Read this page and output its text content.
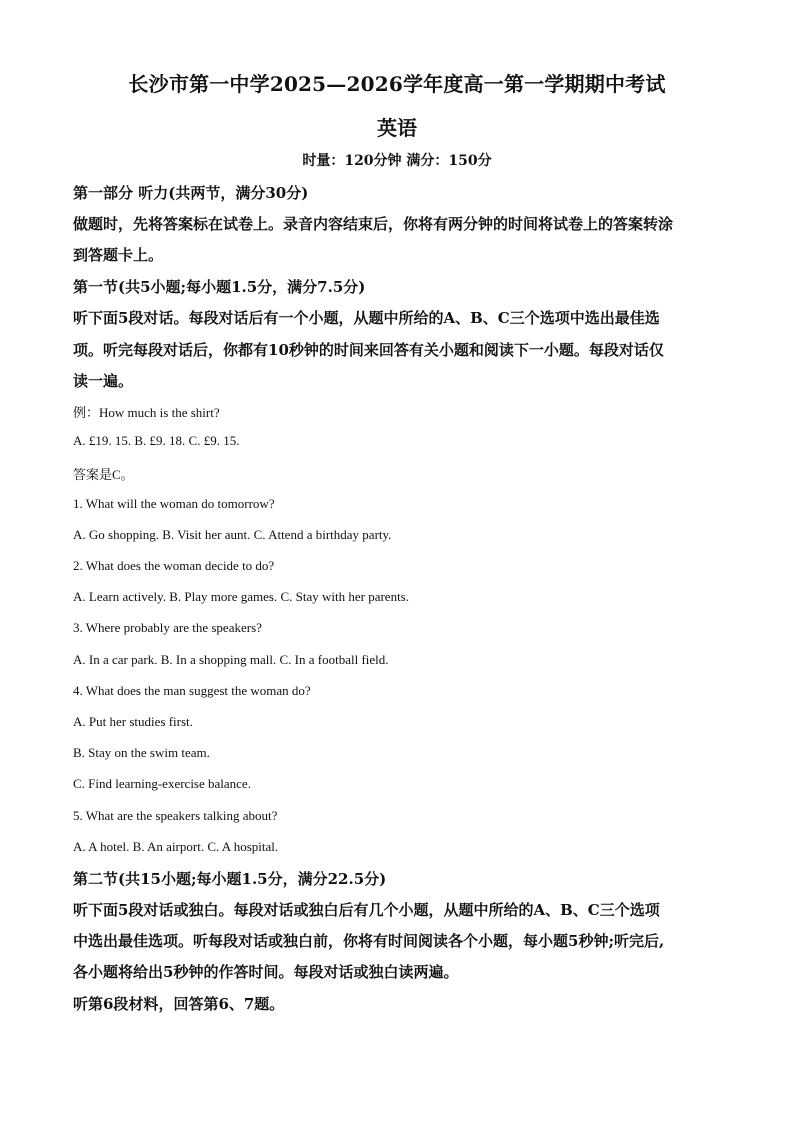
长沙市第一中学2025—2026学年度高一第一学期期中考试
英语
时量：120分钟 满分：150分
第一部分 听力(共两节，满分30分)
做题时，先将答案标在试卷上。录音内容结束后，你将有两分钟的时间将试卷上的答案转涂
到答题卡上。
第一节(共5小题;每小题1.5分，满分7.5分)
听下面5段对话。每段对话后有一个小题，从题中所给的A、B、C三个选项中选出最佳选
项。听完每段对话后，你都有10秒钟的时间来回答有关小题和阅读下一小题。每段对话仅
读一遍。
例：How much is the shirt?
A. £19. 15. B. £9. 18. C. £9. 15.
答案是C。
1. What will the woman do tomorrow?
A. Go shopping. B. Visit her aunt. C. Attend a birthday party.
2. What does the woman decide to do?
A. Learn actively. B. Play more games. C. Stay with her parents.
3. Where probably are the speakers?
A. In a car park. B. In a shopping mall. C. In a football field.
4. What does the man suggest the woman do?
A. Put her studies first.
B. Stay on the swim team.
C. Find learning-exercise balance.
5. What are the speakers talking about?
A. A hotel. B. An airport. C. A hospital.
第二节(共15小题;每小题1.5分，满分22.5分)
听下面5段对话或独白。每段对话或独白后有几个小题，从题中所给的A、B、C三个选项
中选出最佳选项。听每段对话或独白前，你将有时间阅读各个小题，每小题5秒钟;听完后,
各小题将给出5秒钟的作答时间。每段对话或独白读两遍。
听第6段材料，回答第6、7题。
